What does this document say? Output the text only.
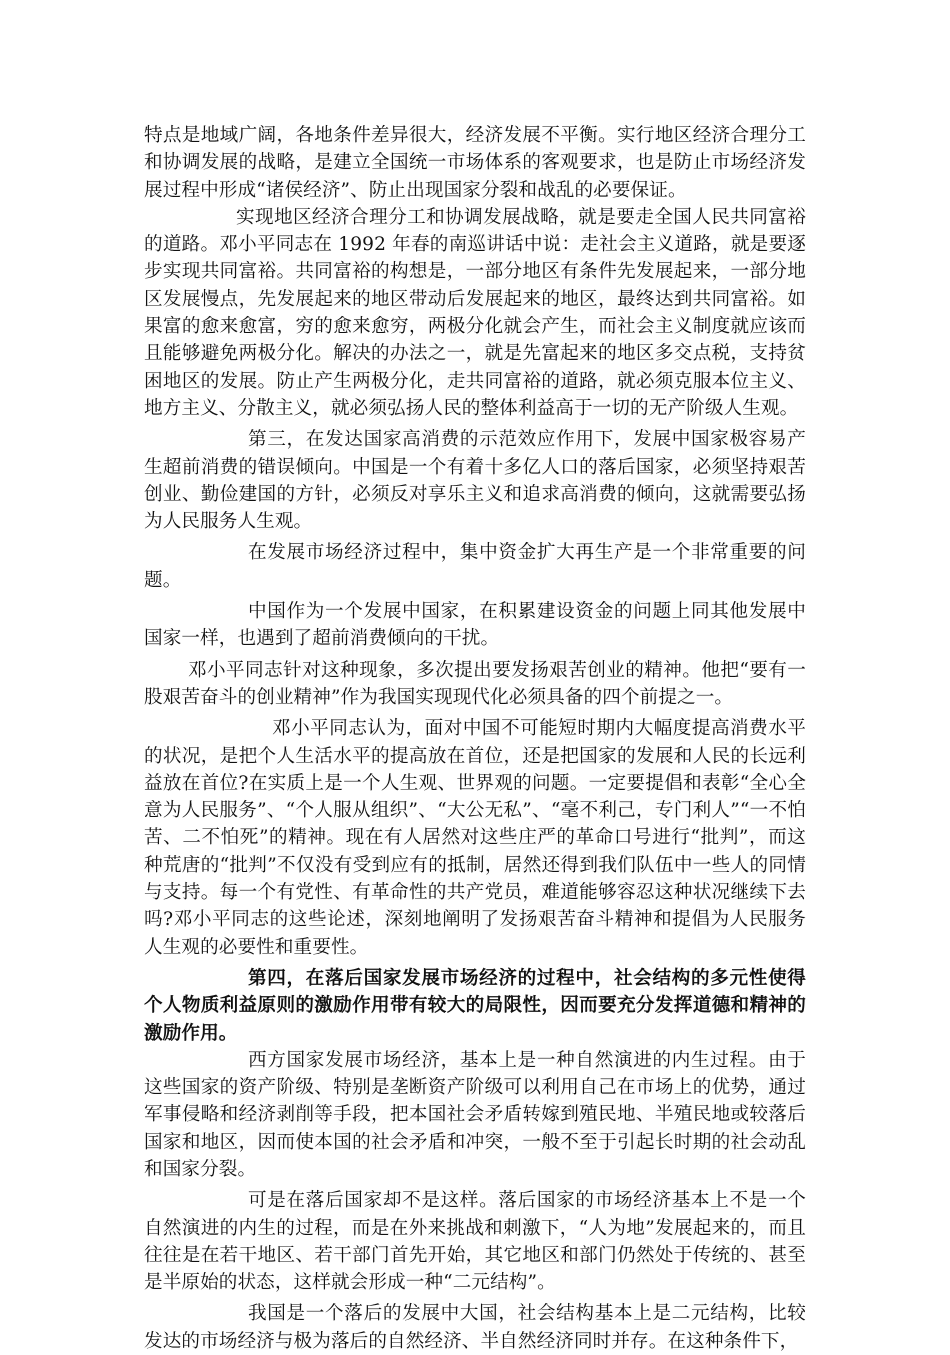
特点是地域广阔，各地条件差异很大，经济发展不平衡。实行地区经济合理分工和协调发展的战略，是建立全国统一市场体系的客观要求，也是防止市场经济发展过程中形成“诸侯经济”、防止出现国家分裂和战乱的必要保证。

实现地区经济合理分工和协调发展战略，就是要走全国人民共同富裕的道路。邓小平同志在 1992 年春的南巡讲话中说：走社会主义道路，就是要逐步实现共同富裕。共同富裕的构想是，一部分地区有条件先发展起来，一部分地区发展慢点，先发展起来的地区带动后发展起来的地区，最终达到共同富裕。如果富的愈来愈富，穷的愈来愈穷，两极分化就会产生，而社会主义制度就应该而且能够避免两极分化。解决的办法之一，就是先富起来的地区多交点税，支持贫困地区的发展。防止产生两极分化，走共同富裕的道路，就必须克服本位主义、地方主义、分散主义，就必须弘扬人民的整体利益高于一切的无产阶级人生观。

第三，在发达国家高消费的示范效应作用下，发展中国家极容易产生超前消费的错误倾向。中国是一个有着十多亿人口的落后国家，必须坚持艰苦创业、勤俭建国的方针，必须反对享乐主义和追求高消费的倾向，这就需要弘扬为人民服务人生观。

在发展市场经济过程中，集中资金扩大再生产是一个非常重要的问题。

中国作为一个发展中国家，在积累建设资金的问题上同其他发展中国家一样，也遇到了超前消费倾向的干扰。

邓小平同志针对这种现象，多次提出要发扬艰苦创业的精神。他把“要有一股艰苦奋斗的创业精神”作为我国实现现代化必须具备的四个前提之一。

邓小平同志认为，面对中国不可能短时期内大幅度提高消费水平的状况，是把个人生活水平的提高放在首位，还是把国家的发展和人民的长远利益放在首位?在实质上是一个人生观、世界观的问题。一定要提倡和表彰“全心全意为人民服务”、“个人服从组织”、“大公无私”、“毫不利己，专门利人”“一不怕苦、二不怕死”的精神。现在有人居然对这些庄严的革命口号进行“批判”，而这种荒唐的“批判”不仅没有受到应有的抵制，居然还得到我们队伍中一些人的同情与支持。每一个有党性、有革命性的共产党员，难道能够容忍这种状况继续下去吗?邓小平同志的这些论述，深刻地阐明了发扬艰苦奋斗精神和提倡为人民服务人生观的必要性和重要性。

第四，在落后国家发展市场经济的过程中，社会结构的多元性使得个人物质利益原则的激励作用带有较大的局限性，因而要充分发挥道德和精神的激励作用。

西方国家发展市场经济，基本上是一种自然演进的内生过程。由于这些国家的资产阶级、特别是垄断资产阶级可以利用自己在市场上的优势，通过军事侵略和经济剥削等手段，把本国社会矛盾转嫁到殖民地、半殖民地或较落后国家和地区，因而使本国的社会矛盾和冲突，一般不至于引起长时期的社会动乱和国家分裂。

可是在落后国家却不是这样。落后国家的市场经济基本上不是一个自然演进的内生的过程，而是在外来挑战和刺激下，“人为地”发展起来的，而且往往是在若干地区、若干部门首先开始，其它地区和部门仍然处于传统的、甚至是半原始的状态，这样就会形成一种“二元结构”。

我国是一个落后的发展中大国，社会结构基本上是二元结构，比较发达的市场经济与极为落后的自然经济、半自然经济同时并存。在这种条件下，
